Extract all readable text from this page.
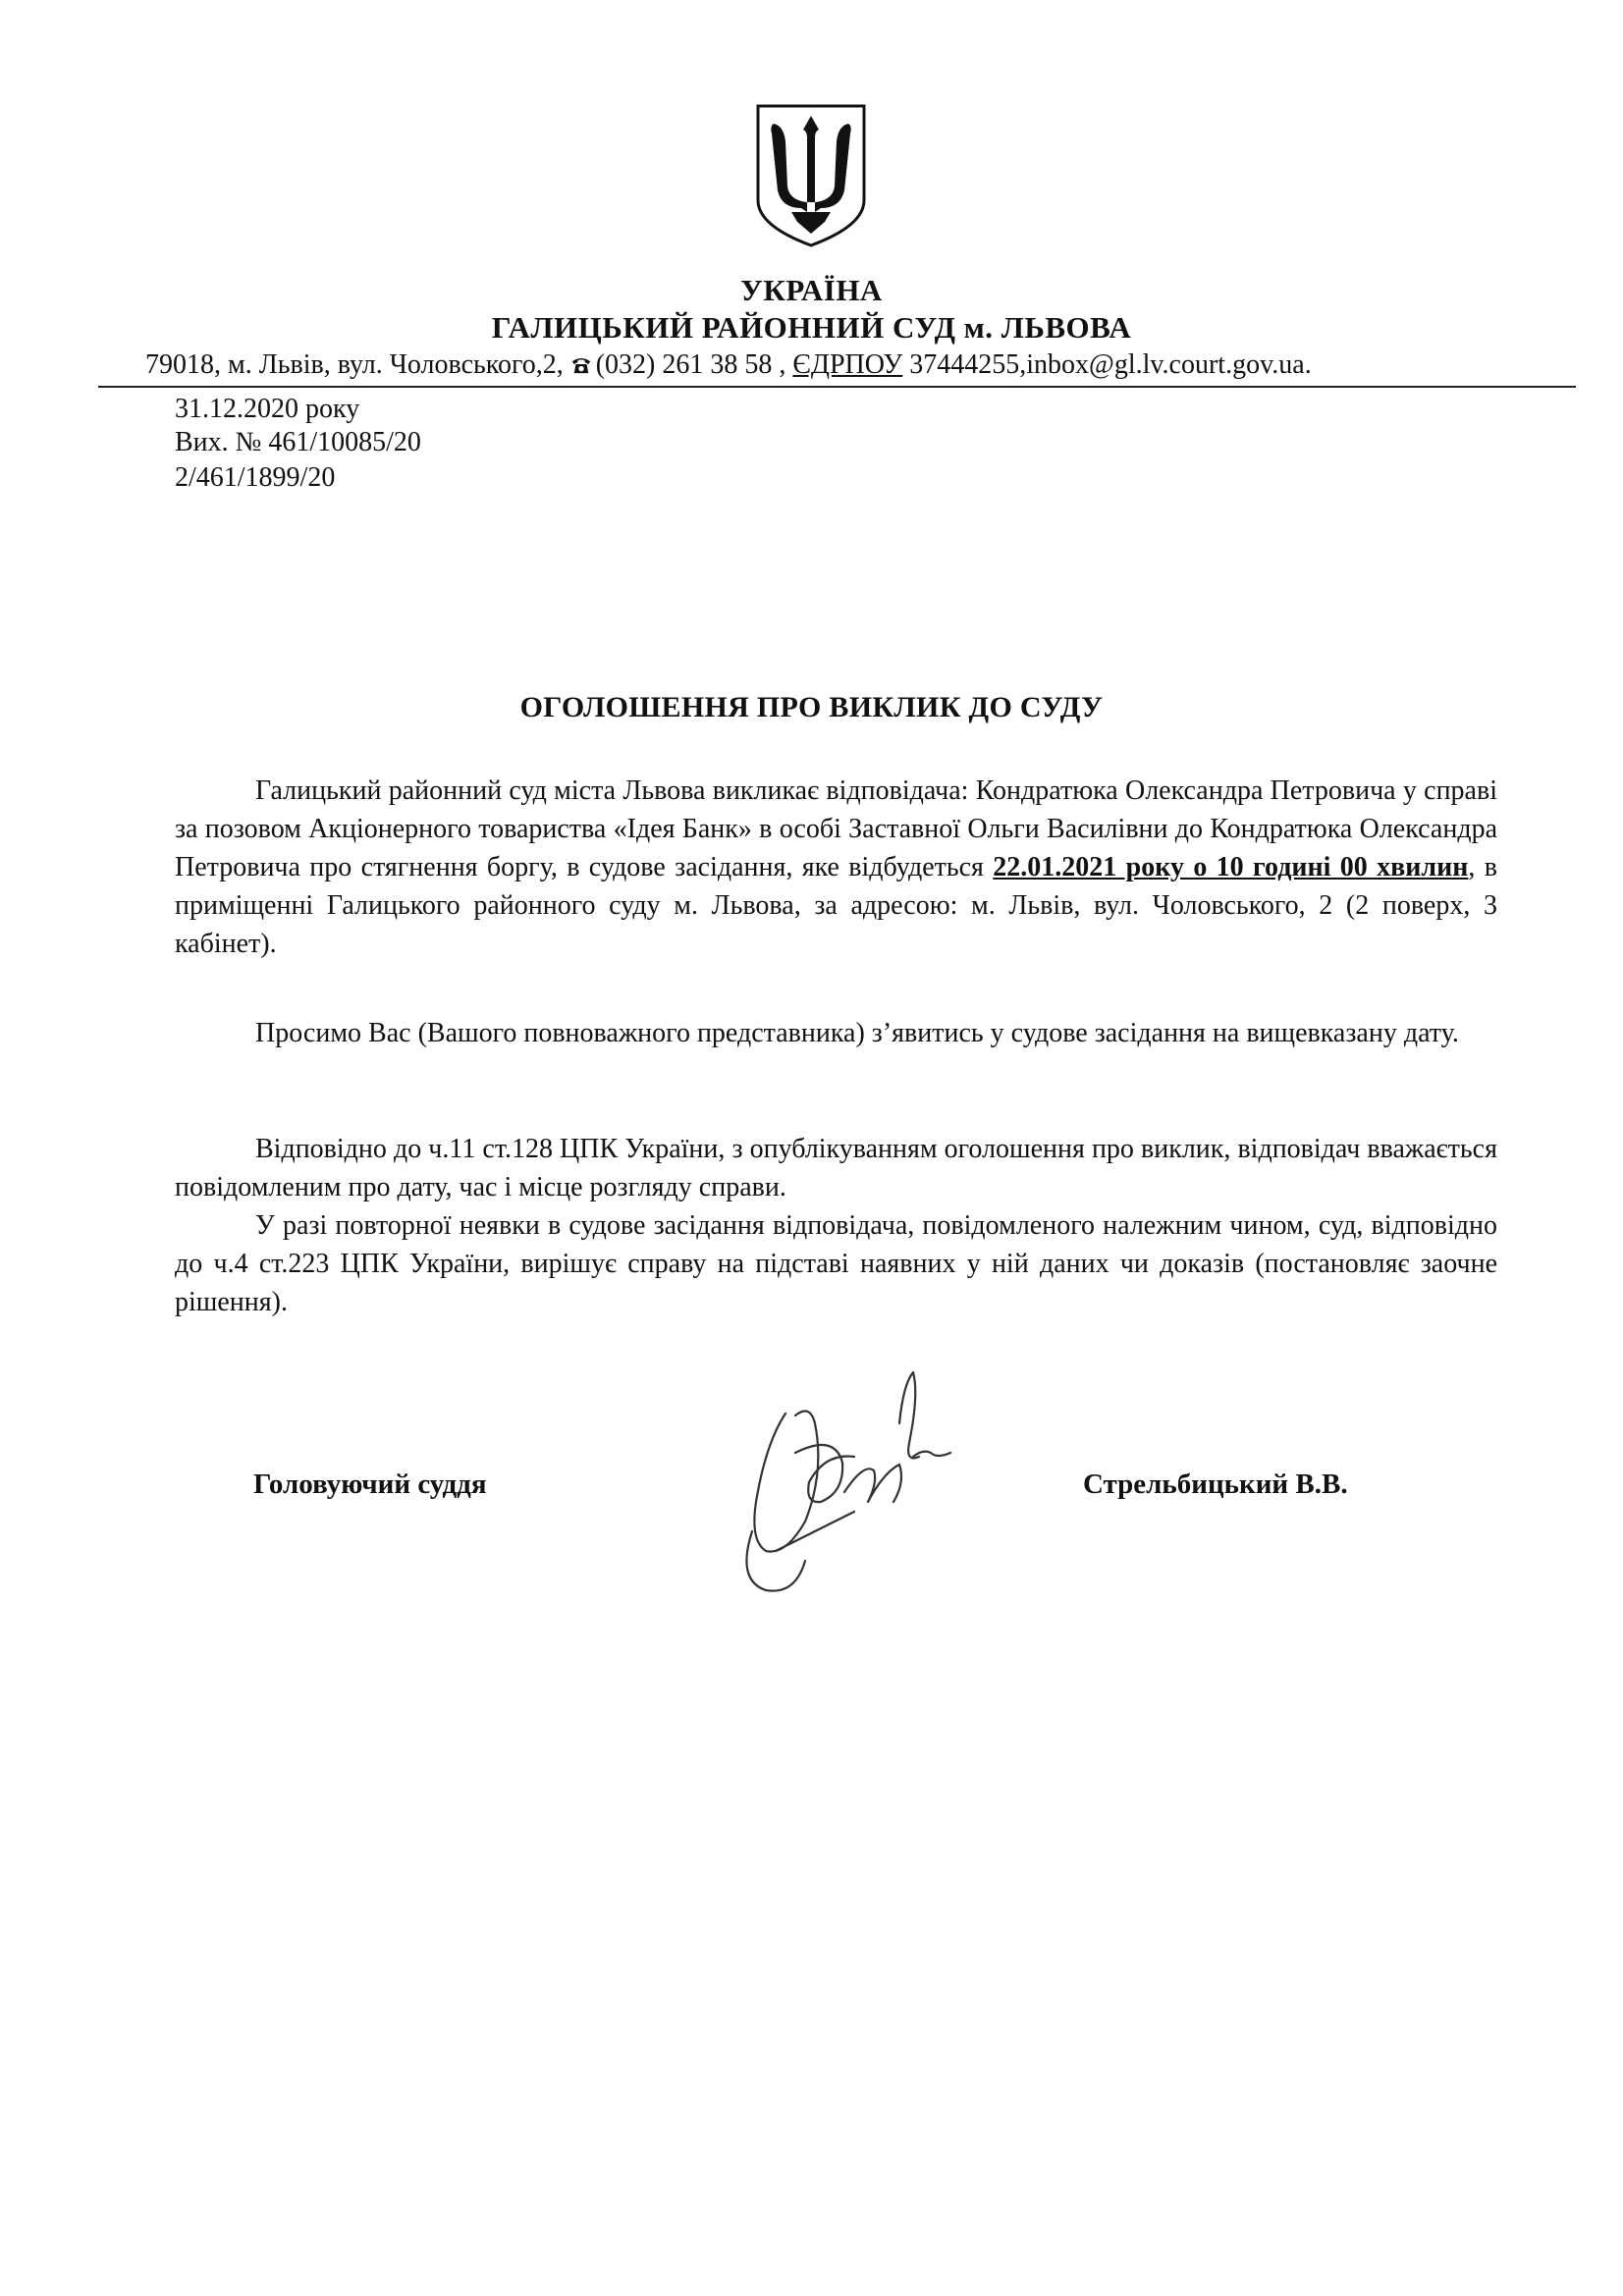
УКРАЇНА
ГАЛИЦЬКИЙ РАЙОННИЙ СУД м. ЛЬВОВА
79018, м. Львів, вул. Чоловського,2, (032) 261 38 58 , ЄДРПОУ 37444255,inbox@gl.lv.court.gov.ua.
31.12.2020 року
Вих. № 461/10085/20
2/461/1899/20
ОГОЛОШЕННЯ ПРО ВИКЛИК ДО СУДУ

Галицький районний суд міста Львова викликає відповідача: Кондратюка Олександра Петровича у справі за позовом Акціонерного товариства «Ідея Банк» в особі Заставної Ольги Василівни до Кондратюка Олександра Петровича про стягнення боргу, в судове засідання, яке відбудеться 22.01.2021 року о 10 годині 00 хвилин, в приміщенні Галицького районного суду м. Львова, за адресою: м. Львів, вул. Чоловського, 2 (2 поверх, 3 кабінет).

Просимо Вас (Вашого повноважного представника) з’явитись у судове засідання на вищевказану дату.

Відповідно до ч.11 ст.128 ЦПК України, з опублікуванням оголошення про виклик, відповідач вважається повідомленим про дату, час і місце розгляду справи.

У разі повторної неявки в судове засідання відповідача, повідомленого належним чином, суд, відповідно до ч.4 ст.223 ЦПК України, вирішує справу на підставі наявних у ній даних чи доказів (постановляє заочне рішення).

Головуючий суддя	Стрельбицький В.В.
